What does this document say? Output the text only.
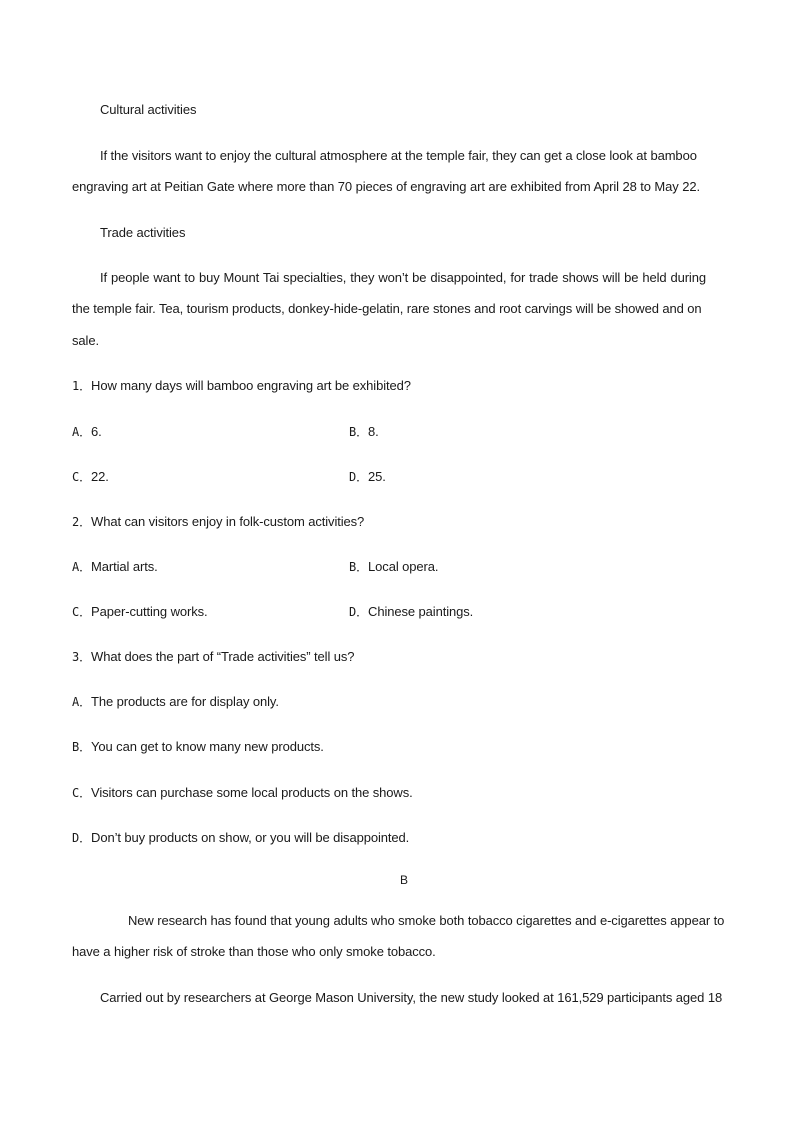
Cultural activities
If the visitors want to enjoy the cultural atmosphere at the temple fair, they can get a close look at bamboo
engraving art at Peitian Gate where more than 70 pieces of engraving art are exhibited from April 28 to May 22.
Trade activities
If people want to buy Mount Tai specialties, they won’t be disappointed, for trade shows will be held during
the temple fair. Tea, tourism products, donkey-hide-gelatin, rare stones and root carvings will be showed and on
sale.
1．How many days will bamboo engraving art be exhibited?
A．6.	B．8.
C．22.	D．25.
2．What can visitors enjoy in folk-custom activities?
A．Martial arts.	B．Local opera.
C．Paper-cutting works.	D．Chinese paintings.
3．What does the part of “Trade activities” tell us?
A．The products are for display only.
B．You can get to know many new products.
C．Visitors can purchase some local products on the shows.
D．Don’t buy products on show, or you will be disappointed.
B
New research has found that young adults who smoke both tobacco cigarettes and e-cigarettes appear to
have a higher risk of stroke than those who only smoke tobacco.
Carried out by researchers at George Mason University, the new study looked at 161,529 participants aged 18
